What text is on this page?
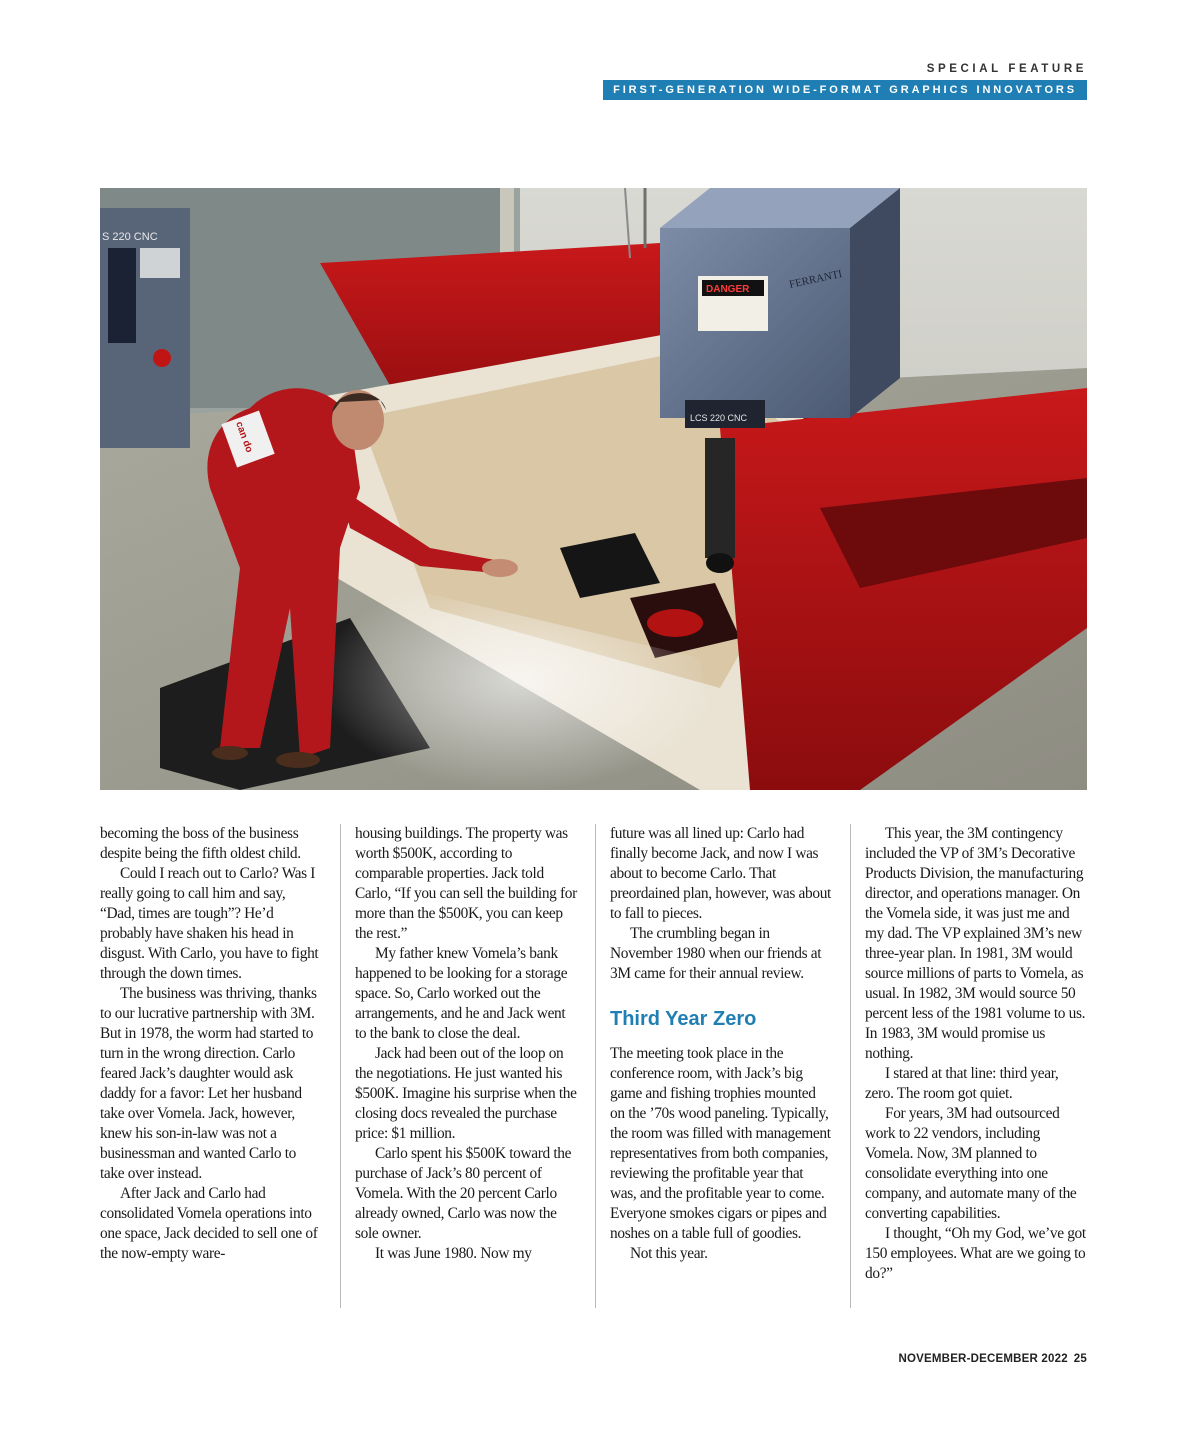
SPECIAL FEATURE
FIRST-GENERATION WIDE-FORMAT GRAPHICS INNOVATORS
S 220 CNC
DANGER
LCS 220 CNC
FERRANTI
can do

becoming the boss of the business despite being the fifth oldest child.

Could I reach out to Carlo? Was I really going to call him and say, “Dad, times are tough”? He’d probably have shaken his head in disgust. With Carlo, you have to fight through the down times.

The business was thriving, thanks to our lucrative partnership with 3M. But in 1978, the worm had started to turn in the wrong direction. Carlo feared Jack’s daughter would ask daddy for a favor: Let her husband take over Vomela. Jack, however, knew his son-in-law was not a businessman and wanted Carlo to take over instead.

After Jack and Carlo had consolidated Vomela operations into one space, Jack decided to sell one of the now-empty ware-

housing buildings. The property was worth $500K, according to comparable properties. Jack told Carlo, “If you can sell the building for more than the $500K, you can keep the rest.”

My father knew Vomela’s bank happened to be looking for a storage space. So, Carlo worked out the arrangements, and he and Jack went to the bank to close the deal.

Jack had been out of the loop on the negotiations. He just wanted his $500K. Imagine his surprise when the closing docs revealed the purchase price: $1 million.

Carlo spent his $500K toward the purchase of Jack’s 80 percent of Vomela. With the 20 percent Carlo already owned, Carlo was now the sole owner.

It was June 1980. Now my

future was all lined up: Carlo had finally become Jack, and now I was about to become Carlo. That preordained plan, however, was about to fall to pieces.

The crumbling began in November 1980 when our friends at 3M came for their annual review.

Third Year Zero

The meeting took place in the conference room, with Jack’s big game and fishing trophies mounted on the ’70s wood paneling. Typically, the room was filled with management representatives from both companies, reviewing the profitable year that was, and the profitable year to come. Everyone smokes cigars or pipes and noshes on a table full of goodies.

Not this year.

This year, the 3M contingency included the VP of 3M’s Decorative Products Division, the manufacturing director, and operations manager. On the Vomela side, it was just me and my dad. The VP explained 3M’s new three-year plan. In 1981, 3M would source millions of parts to Vomela, as usual. In 1982, 3M would source 50 percent less of the 1981 volume to us. In 1983, 3M would promise us nothing.

I stared at that line: third year, zero. The room got quiet.

For years, 3M had outsourced work to 22 vendors, including Vomela. Now, 3M planned to consolidate everything into one company, and automate many of the converting capabilities.

I thought, “Oh my God, we’ve got 150 employees. What are we going to do?”

NOVEMBER-DECEMBER 2022 25
